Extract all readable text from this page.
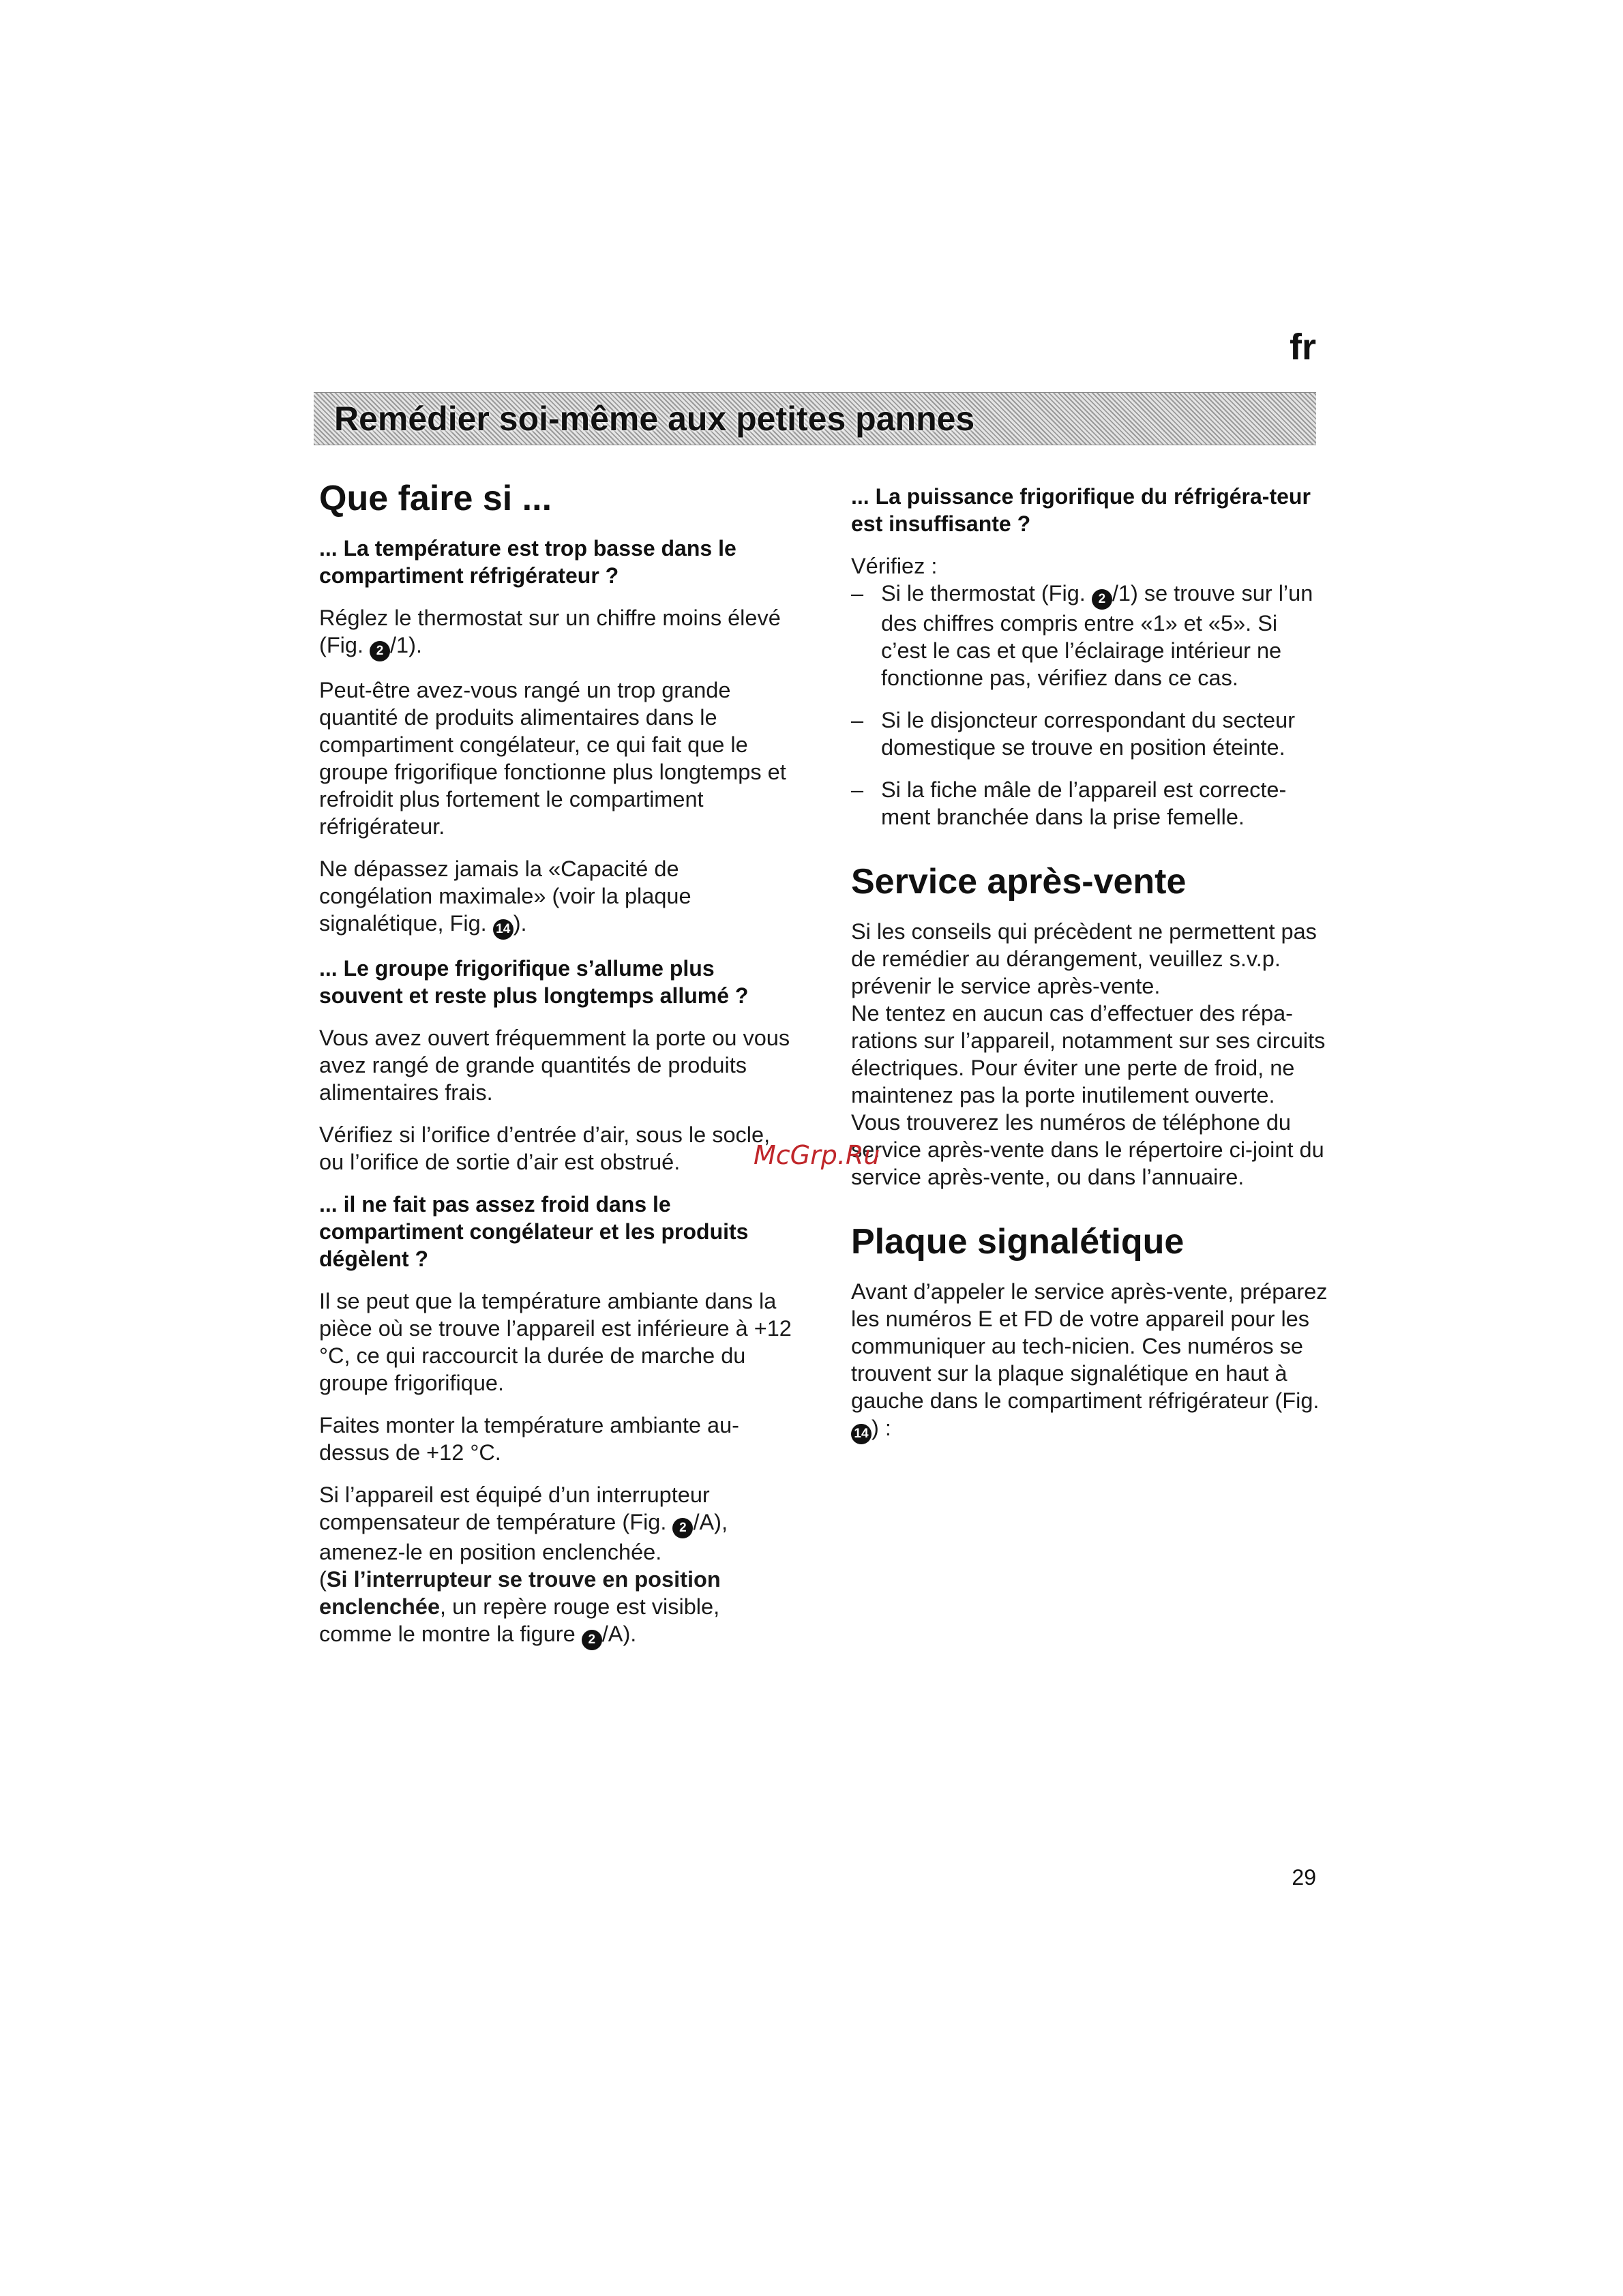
fr
Remédier soi-même aux petites pannes
Que faire si ...
... La température est trop basse dans le compartiment réfrigérateur ?

Réglez le thermostat sur un chiffre moins élevé (Fig. 2 /1).

Peut-être avez-vous rangé un trop grande quantité de produits alimentaires dans le compartiment congélateur, ce qui fait que le groupe frigorifique fonctionne plus longtemps et refroidit plus fortement le compartiment réfrigérateur.

Ne dépassez jamais la «Capacité de congélation maximale» (voir la plaque signalétique, Fig. 14 ).

... Le groupe frigorifique s’allume plus souvent et reste plus longtemps allumé ?

Vous avez ouvert fréquemment la porte ou vous avez rangé de grande quantités de produits alimentaires frais.

Vérifiez si l’orifice d’entrée d’air, sous le socle, ou l’orifice de sortie d’air est obstrué.

... il ne fait pas assez froid dans le compartiment congélateur et les produits dégèlent ?

Il se peut que la température ambiante dans la pièce où se trouve l’appareil est inférieure à +12 °C, ce qui raccourcit la durée de marche du groupe frigorifique.

Faites monter la température ambiante au-dessus de +12 °C.

Si l’appareil est équipé d’un interrupteur compensateur de température (Fig. 2 /A), amenez-le en position enclenchée.

(Si l’interrupteur se trouve en position enclenchée, un repère rouge est visible, comme le montre la figure 2 /A).

... La puissance frigorifique du réfrigéra-teur est insuffisante ?

Vérifiez :

– Si le thermostat (Fig. 2 /1) se trouve sur l’un des chiffres compris entre «1» et «5». Si c’est le cas et que l’éclairage intérieur ne fonctionne pas, vérifiez dans ce cas.
– Si le disjoncteur correspondant du secteur domestique se trouve en position éteinte.
– Si la fiche mâle de l’appareil est correcte-ment branchée dans la prise femelle.
Service après-vente

Si les conseils qui précèdent ne permettent pas de remédier au dérangement, veuillez s.v.p. prévenir le service après-vente.

Ne tentez en aucun cas d’effectuer des répa-rations sur l’appareil, notamment sur ses circuits électriques. Pour éviter une perte de froid, ne maintenez pas la porte inutilement ouverte.

Vous trouverez les numéros de téléphone du service après-vente dans le répertoire ci-joint du service après-vente, ou dans l’annuaire.

Plaque signalétique

Avant d’appeler le service après-vente, préparez les numéros E et FD de votre appareil pour les communiquer au tech-nicien. Ces numéros se trouvent sur la plaque signalétique en haut à gauche dans le compartiment réfrigérateur (Fig. 14 ) :

McGrp.Ru
29
